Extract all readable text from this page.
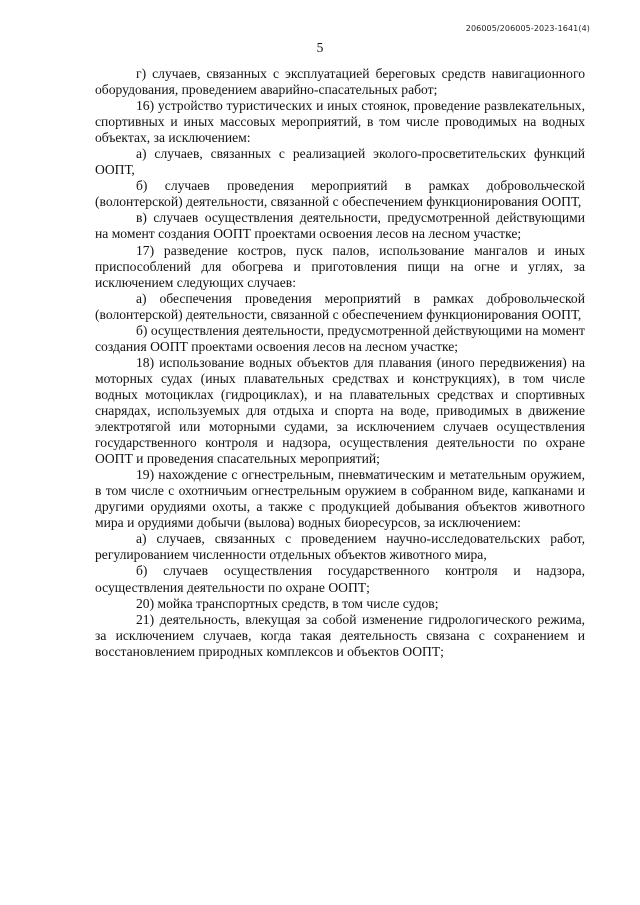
206005/206005-2023-1641(4)
5

г) случаев, связанных с эксплуатацией береговых средств навигационного оборудования, проведением аварийно-спасательных работ;

16) устройство туристических и иных стоянок, проведение развлекательных, спортивных и иных массовых мероприятий, в том числе проводимых на водных объектах, за исключением:

а) случаев, связанных с реализацией эколого-просветительских функций ООПТ,

б) случаев проведения мероприятий в рамках добровольческой (волонтерской) деятельности, связанной с обеспечением функционирования ООПТ,

в) случаев осуществления деятельности, предусмотренной действующими на момент создания ООПТ проектами освоения лесов на лесном участке;

17) разведение костров, пуск палов, использование мангалов и иных приспособлений для обогрева и приготовления пищи на огне и углях, за исключением следующих случаев:

а) обеспечения проведения мероприятий в рамках добровольческой (волонтерской) деятельности, связанной с обеспечением функционирования ООПТ,

б) осуществления деятельности, предусмотренной действующими на момент создания ООПТ проектами освоения лесов на лесном участке;

18) использование водных объектов для плавания (иного передвижения) на моторных судах (иных плавательных средствах и конструкциях), в том числе водных мотоциклах (гидроциклах), и на плавательных средствах и спортивных снарядах, используемых для отдыха и спорта на воде, приводимых в движение электротягой или моторными судами, за исключением случаев осуществления государственного контроля и надзора, осуществления деятельности по охране ООПТ и проведения спасательных мероприятий;

19) нахождение с огнестрельным, пневматическим и метательным оружием, в том числе с охотничьим огнестрельным оружием в собранном виде, капканами и другими орудиями охоты, а также с продукцией добывания объектов животного мира и орудиями добычи (вылова) водных биоресурсов, за исключением:

а) случаев, связанных с проведением научно-исследовательских работ, регулированием численности отдельных объектов животного мира,

б) случаев осуществления государственного контроля и надзора, осуществления деятельности по охране ООПТ;

20) мойка транспортных средств, в том числе судов;

21) деятельность, влекущая за собой изменение гидрологического режима, за исключением случаев, когда такая деятельность связана с сохранением и восстановлением природных комплексов и объектов ООПТ;
